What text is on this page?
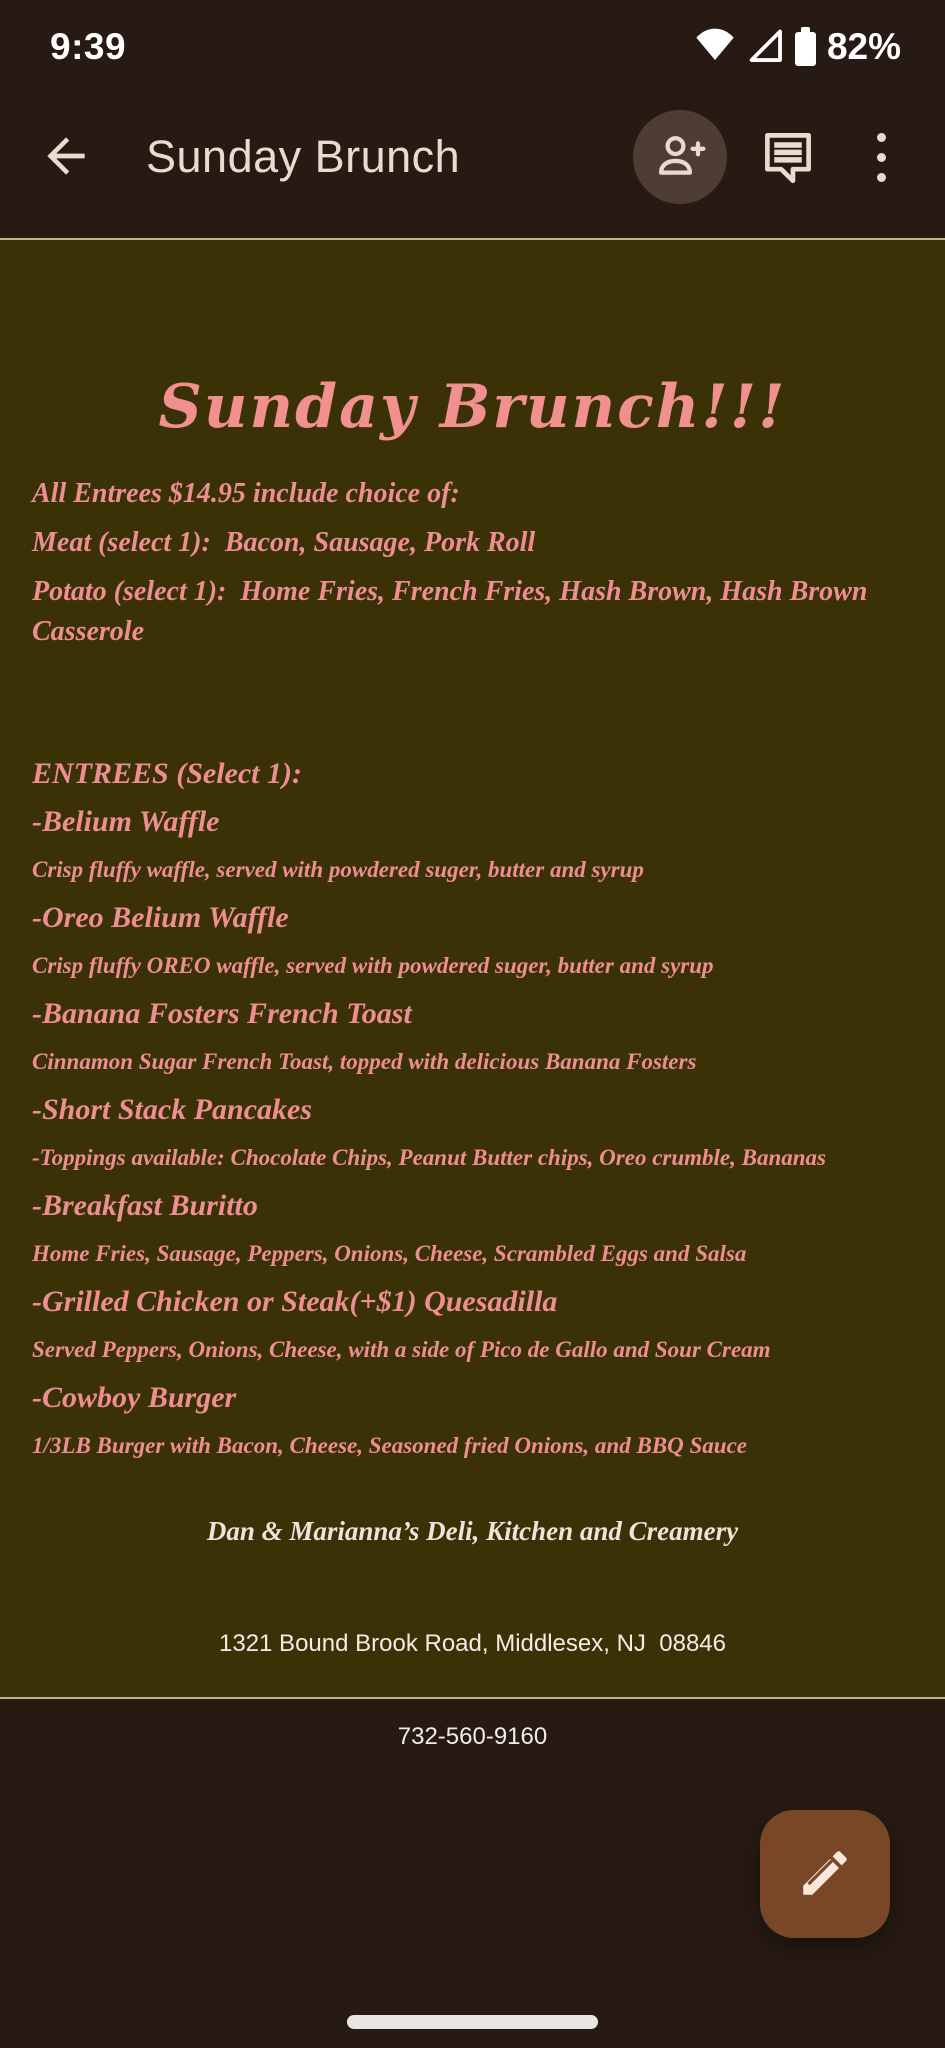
9:39	82%
Sunday Brunch
Sunday Brunch!!!

All Entrees $14.95 include choice of:

Meat (select 1):  Bacon, Sausage, Pork Roll

Potato (select 1):  Home Fries, French Fries, Hash Brown, Hash Brown Casserole

ENTREES (Select 1):
-Belium Waffle
Crisp fluffy waffle, served with powdered suger, butter and syrup
-Oreo Belium Waffle
Crisp fluffy OREO waffle, served with powdered suger, butter and syrup
-Banana Fosters French Toast
Cinnamon Sugar French Toast, topped with delicious Banana Fosters
-Short Stack Pancakes
-Toppings available: Chocolate Chips, Peanut Butter chips, Oreo crumble, Bananas
-Breakfast Buritto
Home Fries, Sausage, Peppers, Onions, Cheese, Scrambled Eggs and Salsa
-Grilled Chicken or Steak(+$1) Quesadilla
Served Peppers, Onions, Cheese, with a side of Pico de Gallo and Sour Cream
-Cowboy Burger
1/3LB Burger with Bacon, Cheese, Seasoned fried Onions, and BBQ Sauce
Dan & Marianna’s Deli, Kitchen and Creamery

1321 Bound Brook Road, Middlesex, NJ  08846

732-560-9160
